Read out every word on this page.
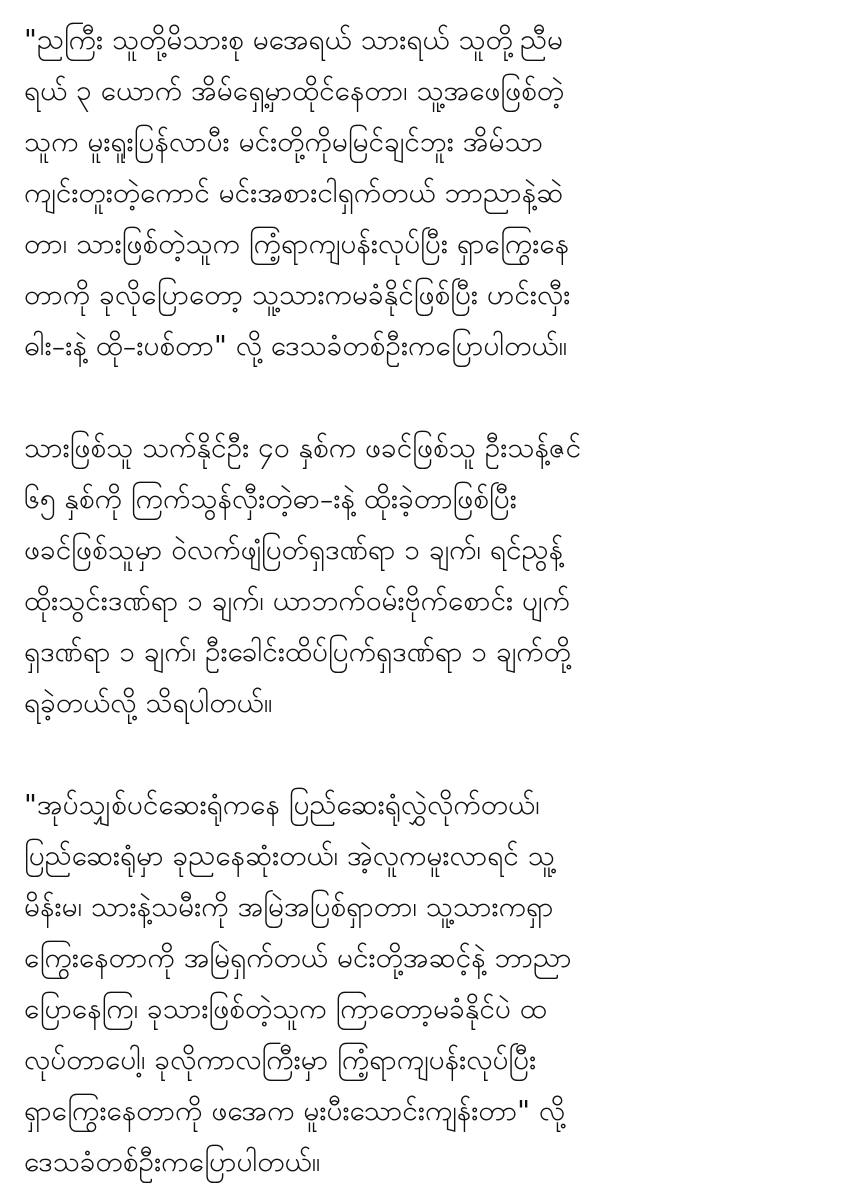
"ညကြီး သူတို့မိသားစု မအေရယ် သားရယ် သူတို့ညီမ
ရယ် ၃ ယောက် အိမ်ရှေ့မှာထိုင်နေတာ၊ သူ့အဖေဖြစ်တဲ့
သူက မူးရူးပြန်လာပီး မင်းတို့ကိုမမြင်ချင်ဘူး အိမ်သာ
ကျင်းတူးတဲ့ကောင် မင်းအစားငါရှက်တယ် ဘာညာနဲ့ဆဲ
တာ၊ သားဖြစ်တဲ့သူက ကြံ့ရာကျပန်းလုပ်ပြီး ရှာကြွေးနေ
တာကို ခုလိုပြောတော့ သူ့သားကမခံနိုင်ဖြစ်ပြီး ဟင်းလှီး
ဓါး-းနဲ့ ထို-းပစ်တာ" လို့ ဒေသခံတစ်ဦးကပြောပါတယ်။

သားဖြစ်သူ သက်နိုင်ဦး ၄၀ နှစ်က ဖခင်ဖြစ်သူ ဦးသန့်ဇင်
၆၅ နှစ်ကို ကြက်သွန်လှီးတဲ့ဓာ-းနဲ့ ထိုးခဲ့တာဖြစ်ပြီး
ဖခင်ဖြစ်သူမှာ ဝဲလက်ဖျံပြတ်ရှဒဏ်ရာ ၁ ချက်၊ ရင်ညွန့်
ထိုးသွင်းဒဏ်ရာ ၁ ချက်၊ ယာဘက်ဝမ်းဗိုက်စောင်း ပျက်
ရှဒဏ်ရာ ၁ ချက်၊ ဦးခေါင်းထိပ်ပြက်ရှဒဏ်ရာ ၁ ချက်တို့
ရခဲ့တယ်လို့ သိရပါတယ်။

"အုပ်သျှစ်ပင်ဆေးရုံကနေ ပြည်ဆေးရုံလွှဲလိုက်တယ်၊
ပြည်ဆေးရုံမှာ ခုညနေဆုံးတယ်၊ အဲ့လူကမူးလာရင် သူ့
မိန်းမ၊ သားနဲ့သမီးကို အမြဲအပြစ်ရှာတာ၊ သူ့သားကရှာ
ကြွေးနေတာကို အမြဲရှက်တယ် မင်းတို့အဆင့်နဲ့ ဘာညာ
ပြောနေကြ၊ ခုသားဖြစ်တဲ့သူက ကြာတော့မခံနိုင်ပဲ ထ
လုပ်တာပေါ့၊ ခုလိုကာလကြီးမှာ ကြံ့ရာကျပန်းလုပ်ပြီး
ရှာကြွေးနေတာကို ဖအေက မူးပီးသောင်းကျန်းတာ" လို့
ဒေသခံတစ်ဦးကပြောပါတယ်။
